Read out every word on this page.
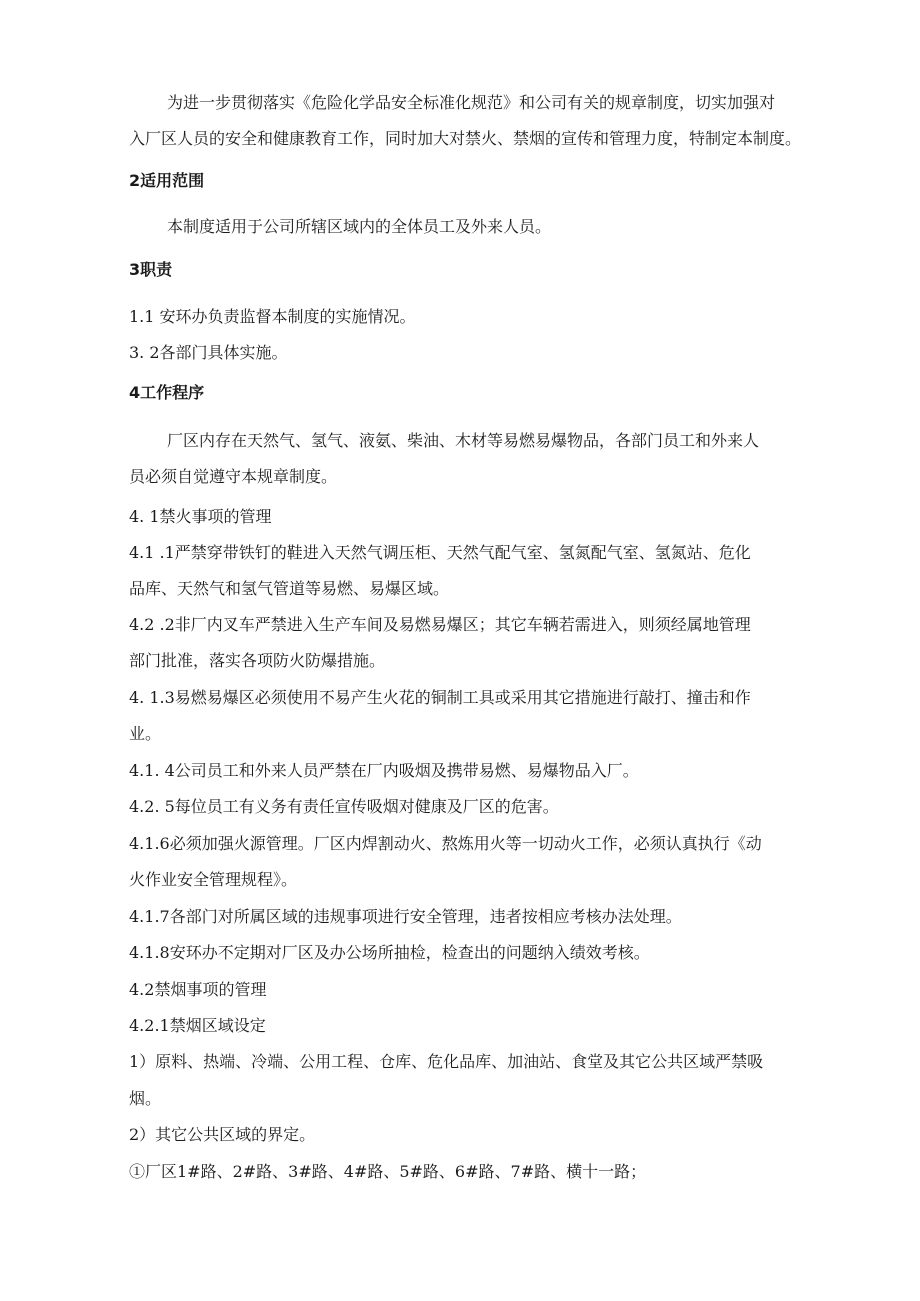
为进一步贯彻落实《危险化学品安全标准化规范》和公司有关的规章制度，切实加强对
入厂区人员的安全和健康教育工作，同时加大对禁火、禁烟的宣传和管理力度，特制定本制度。
2适用范围
本制度适用于公司所辖区域内的全体员工及外来人员。
3职责
1.1 安环办负责监督本制度的实施情况。
3. 2各部门具体实施。
4工作程序
厂区内存在天然气、氢气、液氨、柴油、木材等易燃易爆物品，各部门员工和外来人
员必须自觉遵守本规章制度。
4. 1禁火事项的管理
4.1 .1严禁穿带铁钉的鞋进入天然气调压柜、天然气配气室、氢氮配气室、氢氮站、危化
品库、天然气和氢气管道等易燃、易爆区域。
4.2 .2非厂内叉车严禁进入生产车间及易燃易爆区；其它车辆若需进入，则须经属地管理
部门批准，落实各项防火防爆措施。
4. 1.3易燃易爆区必须使用不易产生火花的铜制工具或采用其它措施进行敲打、撞击和作
业。
4.1. 4公司员工和外来人员严禁在厂内吸烟及携带易燃、易爆物品入厂。
4.2. 5每位员工有义务有责任宣传吸烟对健康及厂区的危害。
4.1.6必须加强火源管理。厂区内焊割动火、熬炼用火等一切动火工作，必须认真执行《动
火作业安全管理规程》。
4.1.7各部门对所属区域的违规事项进行安全管理，违者按相应考核办法处理。
4.1.8安环办不定期对厂区及办公场所抽检，检查出的问题纳入绩效考核。
4.2禁烟事项的管理
4.2.1禁烟区域设定
1）原料、热端、冷端、公用工程、仓库、危化品库、加油站、食堂及其它公共区域严禁吸
烟。
2）其它公共区域的界定。
①厂区1#路、2#路、3#路、4#路、5#路、6#路、7#路、横十一路；
